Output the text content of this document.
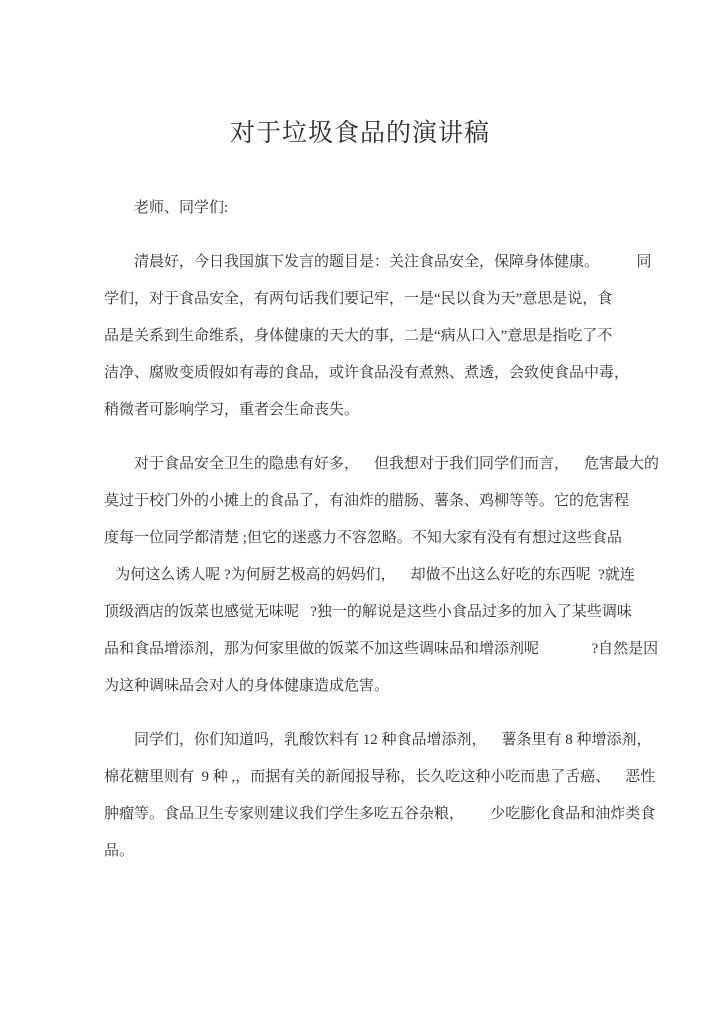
对于垃圾食品的演讲稿
老师、同学们:
清晨好，今日我国旗下发言的题目是：关注食品安全，保障身体健康。          同
学们，对于食品安全，有两句话我们要记牢，一是“民以食为天”意思是说，食
品是关系到生命维系，身体健康的天大的事，二是“病从口入”意思是指吃了不
洁净、腐败变质假如有毒的食品，或许食品没有煮熟、煮透，会致使食品中毒，
稍微者可影响学习，重者会生命丧失。
对于食品安全卫生的隐患有好多，    但我想对于我们同学们而言，    危害最大的
莫过于校门外的小摊上的食品了，有油炸的腊肠、薯条、鸡柳等等。它的危害程
度每一位同学都清楚 ;但它的迷惑力不容忽略。不知大家有没有有想过这些食品
为何这么诱人呢 ?为何厨艺极高的妈妈们，    却做不出这么好吃的东西呢  ?就连
顶级酒店的饭菜也感觉无味呢   ?独一的解说是这些小食品过多的加入了某些调味
品和食品增添剂，那为何家里做的饭菜不加这些调味品和增添剂呢              ?自然是因
为这种调味品会对人的身体健康造成危害。
同学们，你们知道吗，乳酸饮料有 12 种食品增添剂，    薯条里有 8 种增添剂，
棉花糖里则有  9 种 ,，而据有关的新闻报导称，长久吃这种小吃而患了舌癌、    恶性
肿瘤等。食品卫生专家则建议我们学生多吃五谷杂粮，       少吃膨化食品和油炸类食
品。
